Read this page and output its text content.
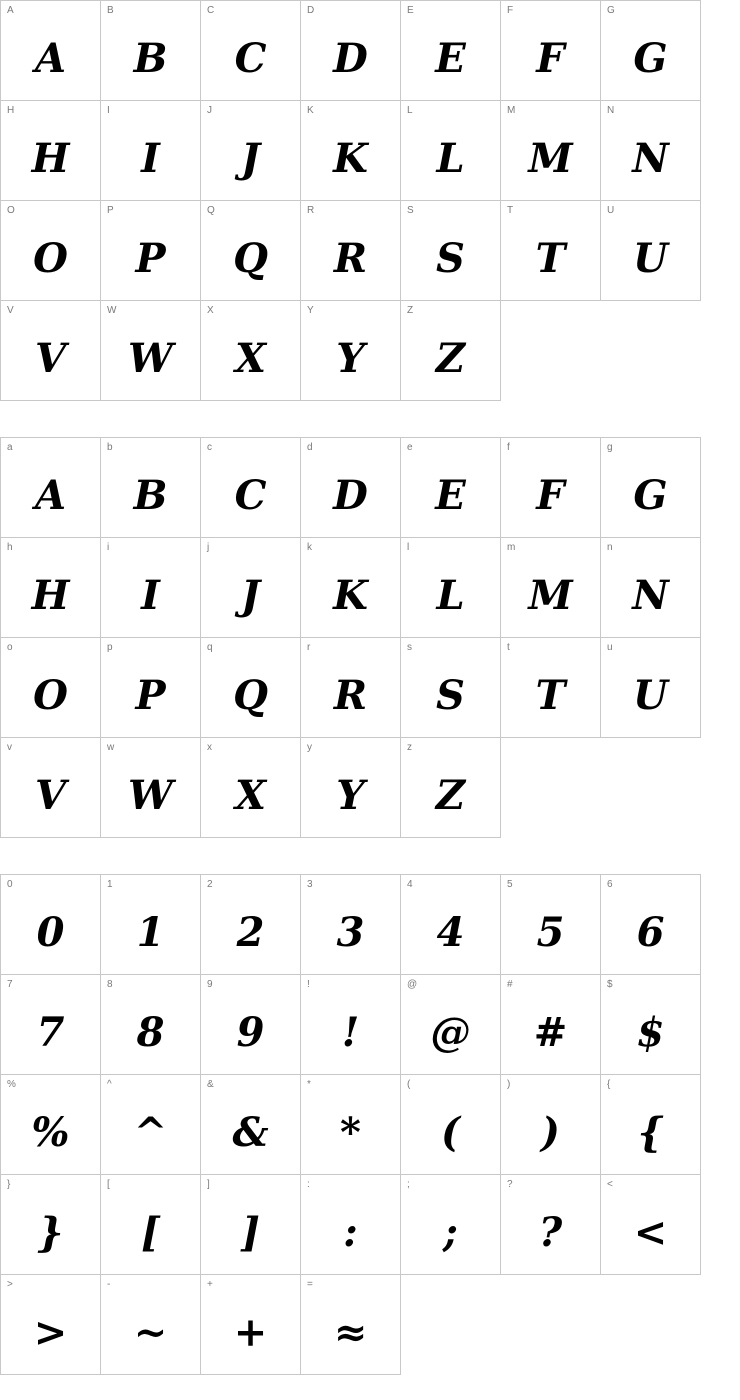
A
A
B
B
C
C
D
D
E
E
F
F
G
G
H
H
I
I
J
J
K
K
L
L
M
M
N
N
O
O
P
P
Q
Q
R
R
S
S
T
T
U
U
V
V
W
W
X
X
Y
Y
Z
Z
a
A
b
B
c
C
d
D
e
E
f
F
g
G
h
H
i
I
j
J
k
K
l
L
m
M
n
N
o
O
p
P
q
Q
r
R
s
S
t
T
u
U
v
V
w
W
x
X
y
Y
z
Z
0
0
1
1
2
2
3
3
4
4
5
5
6
6
7
7
8
8
9
9
!
!
@
@
#
#
$
$
%
%
^
^
&
&
*
*
(
(
)
)
{
{
}
}
[
[
]
]
:
:
;
;
?
?
<
<
>
>
-
~
+
+
=
≈
